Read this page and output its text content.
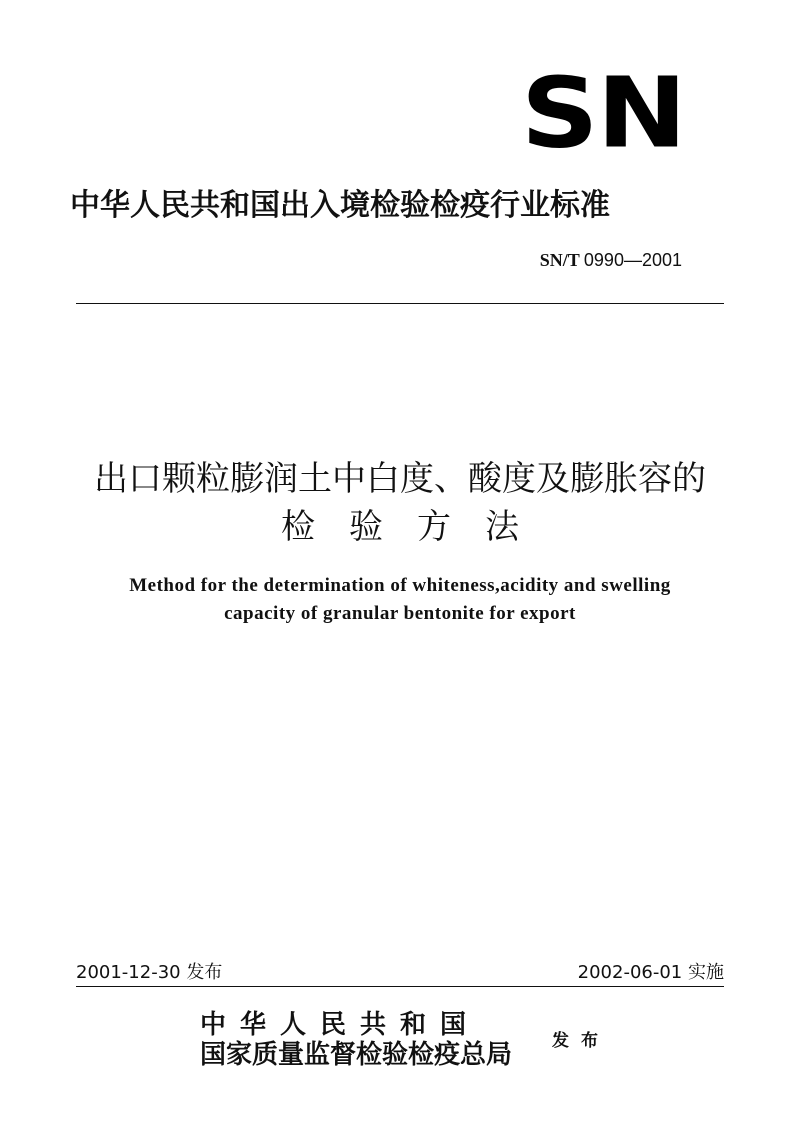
SN
中华人民共和国出入境检验检疫行业标准
SN/T 0990—2001
出口颗粒膨润土中白度、酸度及膨胀容的
检验方法
Method for the determination of whiteness,acidity and swelling
capacity of granular bentonite for export
2001-12-30 发布	2002-06-01 实施
中华人民共和国
国家质量监督检验检疫总局 发布
